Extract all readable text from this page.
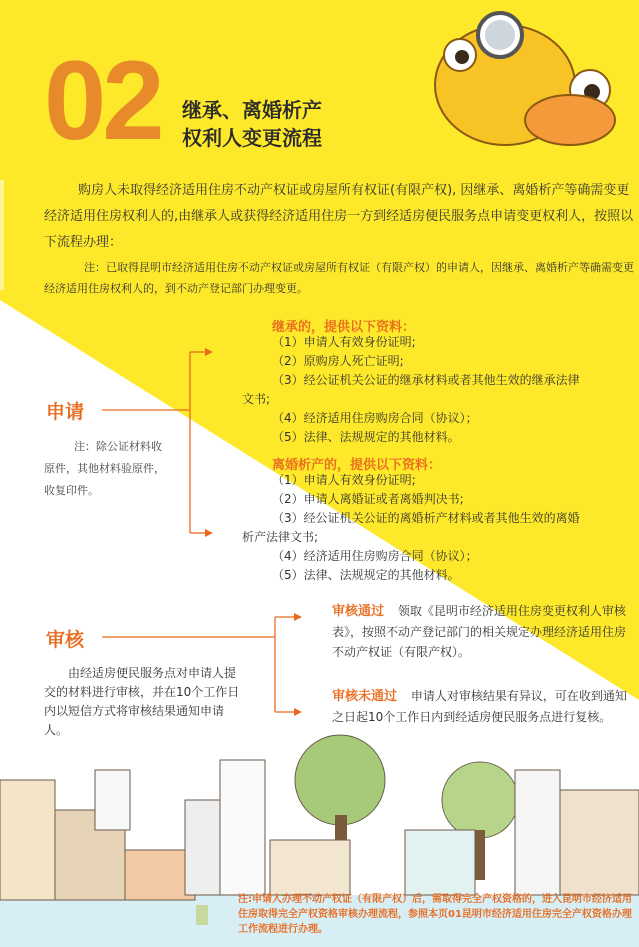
02 继承、离婚析产
权利人变更流程
购房人未取得经济适用住房不动产权证或房屋所有权证(有限产权), 因继承、离婚析产等确需变更经济适用住房权利人的,由继承人或获得经济适用住房一方到经适房便民服务点申请变更权利人，按照以下流程办理：
注：已取得昆明市经济适用住房不动产权证或房屋所有权证（有限产权）的申请人，因继承、离婚析产等确需变更经济适用住房权利人的，到不动产登记部门办理变更。
申请
注：除公证材料收原件，其他材料验原件，收复印件。
继承的，提供以下资料：
（1）申请人有效身份证明;
（2）原购房人死亡证明;
（3）经公证机关公证的继承材料或者其他生效的继承法律
文书;
（4）经济适用住房购房合同（协议）；
（5）法律、法规规定的其他材料。
离婚析产的，提供以下资料：
（1）申请人有效身份证明;
（2）申请人离婚证或者离婚判决书;
（3）经公证机关公证的离婚析产材料或者其他生效的离婚
析产法律文书;
（4）经济适用住房购房合同（协议）；
（5）法律、法规规定的其他材料。
审核
由经适房便民服务点对申请人提交的材料进行审核，并在10个工作日内以短信方式将审核结果通知申请人。
审核通过 领取《昆明市经济适用住房变更权利人审核表》，按照不动产登记部门的相关规定办理经济适用住房不动产权证（有限产权）。
审核未通过 申请人对审核结果有异议，可在收到通知之日起10个工作日内到经适房便民服务点进行复核。
注:申请人办理不动产权证（有限产权）后，需取得完全产权资格的，进入昆明市经济适用住房取得完全产权资格审核办理流程，参照本页01昆明市经济适用住房完全产权资格办理工作流程进行办理。
